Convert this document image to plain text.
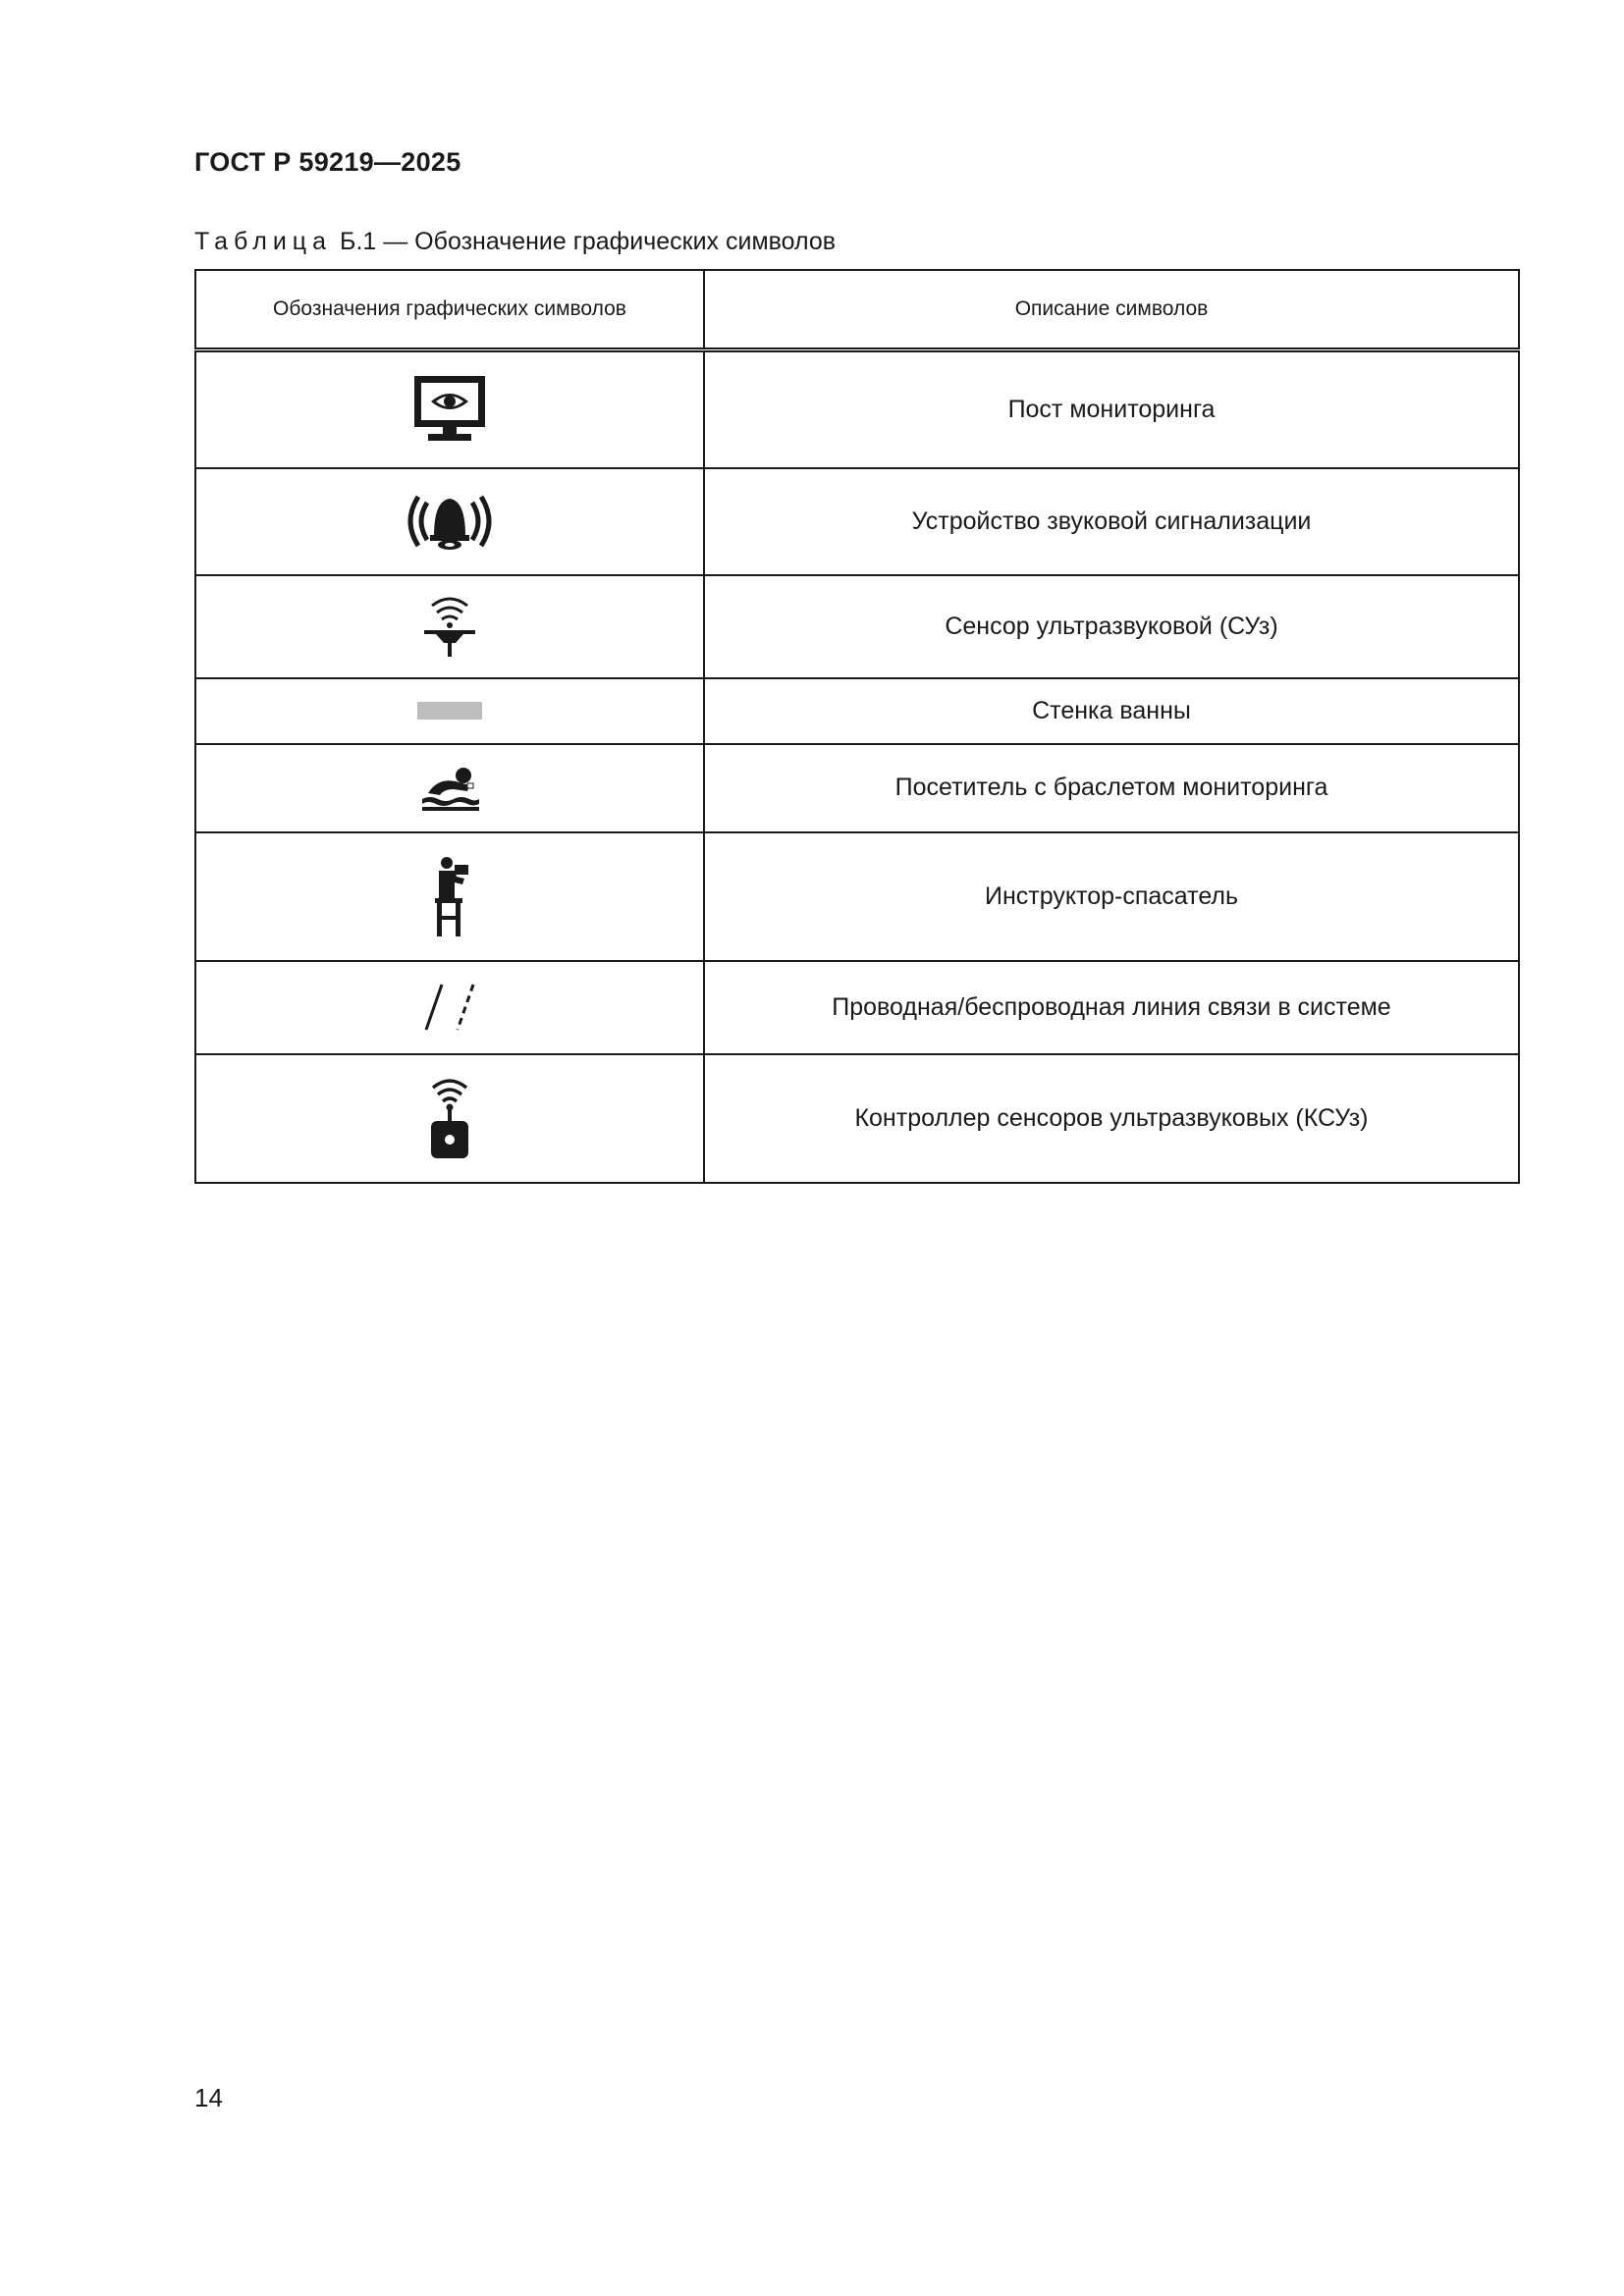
ГОСТ Р 59219—2025
Таблица Б.1 — Обозначение графических символов
Обозначения графических символов	Описание символов

	Пост мониторинга

	Устройство звуковой сигнализации

	Сенсор ультразвуковой (СУз)

	Стенка ванны

	Посетитель с браслетом мониторинга

	Инструктор-спасатель

	Проводная/беспроводная линия связи в системе

	Контроллер сенсоров ультразвуковых (КСУз)
14
